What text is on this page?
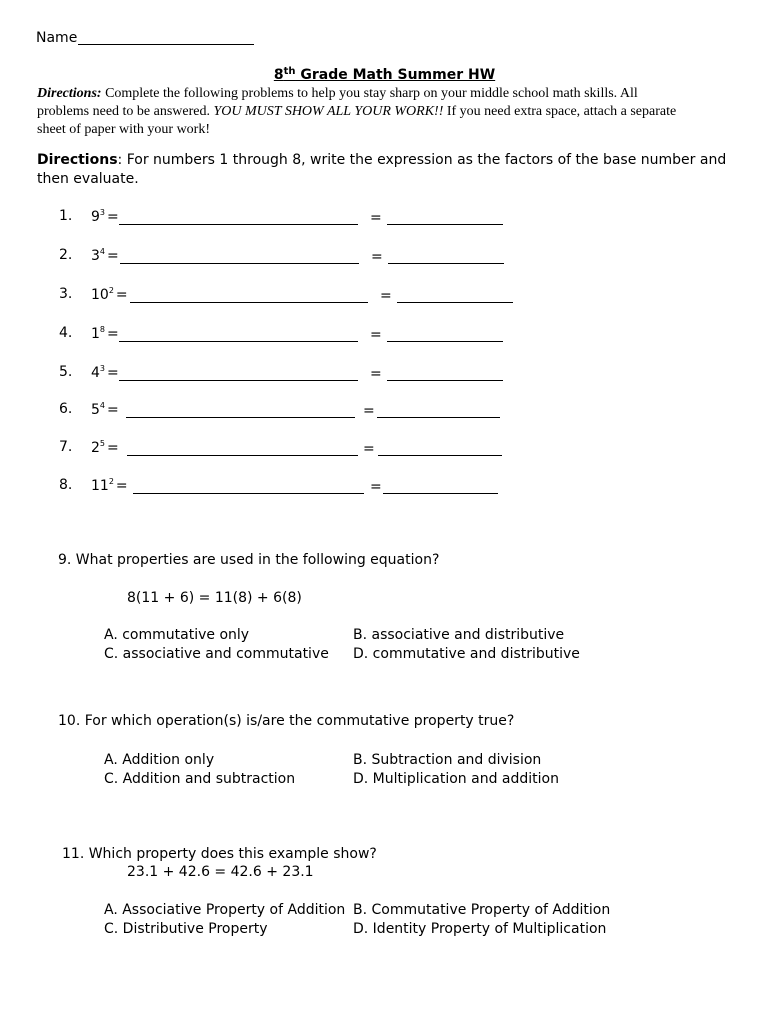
Name
8th Grade Math Summer HW
Directions: Complete the following problems to help you stay sharp on your middle school math skills. All
problems need to be answered. YOU MUST SHOW ALL YOUR WORK!! If you need extra space, attach a separate
sheet of paper with your work!
Directions: For numbers 1 through 8, write the expression as the factors of the base number and
then evaluate.
1. $9^3$ =	=
2. $3^4$ =	=
3. $10^2$ =	=
4. $1^8$ =	=
5. $4^3$ =	=
6. $5^4$ =	=
7. $2^5$ =	=
8. $11^2$ =	=
9. What properties are used in the following equation?
8(11 + 6) = 11(8) + 6(8)
A. commutative only	B. associative and distributive
C. associative and commutative D. commutative and distributive
10. For which operation(s) is/are the commutative property true?
A. Addition only	B. Subtraction and division
C. Addition and subtraction	D. Multiplication and addition
11. Which property does this example show?
23.1 + 42.6 = 42.6 + 23.1
A. Associative Property of Addition B. Commutative Property of Addition
C. Distributive Property	D. Identity Property of Multiplication
